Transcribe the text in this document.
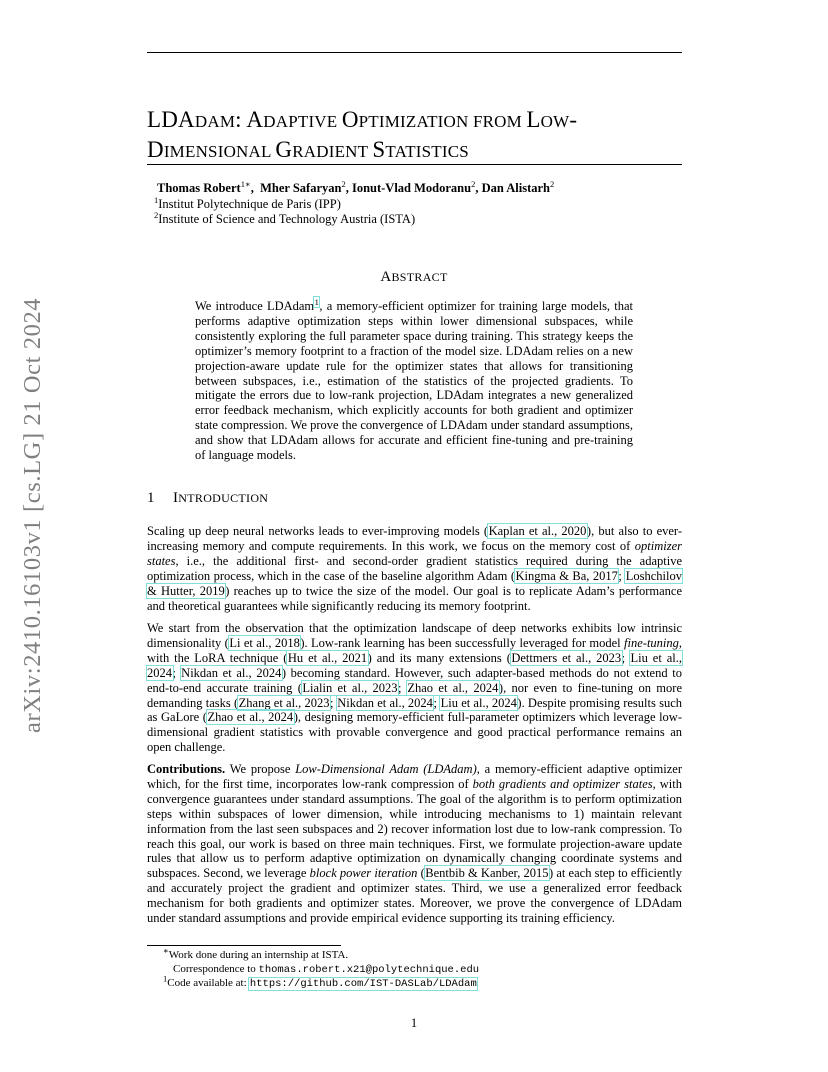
arXiv:2410.16103v1 [cs.LG] 21 Oct 2024
LDADAM: ADAPTIVE OPTIMIZATION FROM LOW-
DIMENSIONAL GRADIENT STATISTICS
Thomas Robert$^{1∗}$,  Mher Safaryan$^2$, Ionut-Vlad Modoranu$^2$, Dan Alistarh$^2$
$^1$Institut Polytechnique de Paris (IPP)
$^2$Institute of Science and Technology Austria (ISTA)
ABSTRACT
We introduce LDAdam$^1$, a memory-efficient optimizer for training large models, that performs adaptive optimization steps within lower dimensional subspaces, while consistently exploring the full parameter space during training. This strategy keeps the optimizer’s memory footprint to a fraction of the model size. LDAdam relies on a new projection-aware update rule for the optimizer states that allows for transitioning between subspaces, i.e., estimation of the statistics of the projected gradients. To mitigate the errors due to low-rank projection, LDAdam integrates a new generalized error feedback mechanism, which explicitly accounts for both gradient and optimizer state compression. We prove the convergence of LDAdam under standard assumptions, and show that LDAdam allows for accurate and efficient fine-tuning and pre-training of language models.
1 INTRODUCTION
Scaling up deep neural networks leads to ever-improving models (Kaplan et al., 2020), but also to ever-increasing memory and compute requirements. In this work, we focus on the memory cost of optimizer states, i.e., the additional first- and second-order gradient statistics required during the adaptive optimization process, which in the case of the baseline algorithm Adam (Kingma & Ba, 2017; Loshchilov & Hutter, 2019) reaches up to twice the size of the model. Our goal is to replicate Adam’s performance and theoretical guarantees while significantly reducing its memory footprint.
We start from the observation that the optimization landscape of deep networks exhibits low intrinsic dimensionality (Li et al., 2018). Low-rank learning has been successfully leveraged for model fine-tuning, with the LoRA technique (Hu et al., 2021) and its many extensions (Dettmers et al., 2023; Liu et al., 2024; Nikdan et al., 2024) becoming standard. However, such adapter-based methods do not extend to end-to-end accurate training (Lialin et al., 2023; Zhao et al., 2024), nor even to fine-tuning on more demanding tasks (Zhang et al., 2023; Nikdan et al., 2024; Liu et al., 2024). Despite promising results such as GaLore (Zhao et al., 2024), designing memory-efficient full-parameter optimizers which leverage low-dimensional gradient statistics with provable convergence and good practical performance remains an open challenge.
Contributions. We propose Low-Dimensional Adam (LDAdam), a memory-efficient adaptive optimizer which, for the first time, incorporates low-rank compression of both gradients and optimizer states, with convergence guarantees under standard assumptions. The goal of the algorithm is to perform optimization steps within subspaces of lower dimension, while introducing mechanisms to 1) maintain relevant information from the last seen subspaces and 2) recover information lost due to low-rank compression. To reach this goal, our work is based on three main techniques. First, we formulate projection-aware update rules that allow us to perform adaptive optimization on dynamically changing coordinate systems and subspaces. Second, we leverage block power iteration (Bentbib & Kanber, 2015) at each step to efficiently and accurately project the gradient and optimizer states. Third, we use a generalized error feedback mechanism for both gradients and optimizer states. Moreover, we prove the convergence of LDAdam under standard assumptions and provide empirical evidence supporting its training efficiency.
∗Work done during an internship at ISTA.
Correspondence to thomas.robert.x21@polytechnique.edu
$^1$Code available at: https://github.com/IST-DASLab/LDAdam
1
